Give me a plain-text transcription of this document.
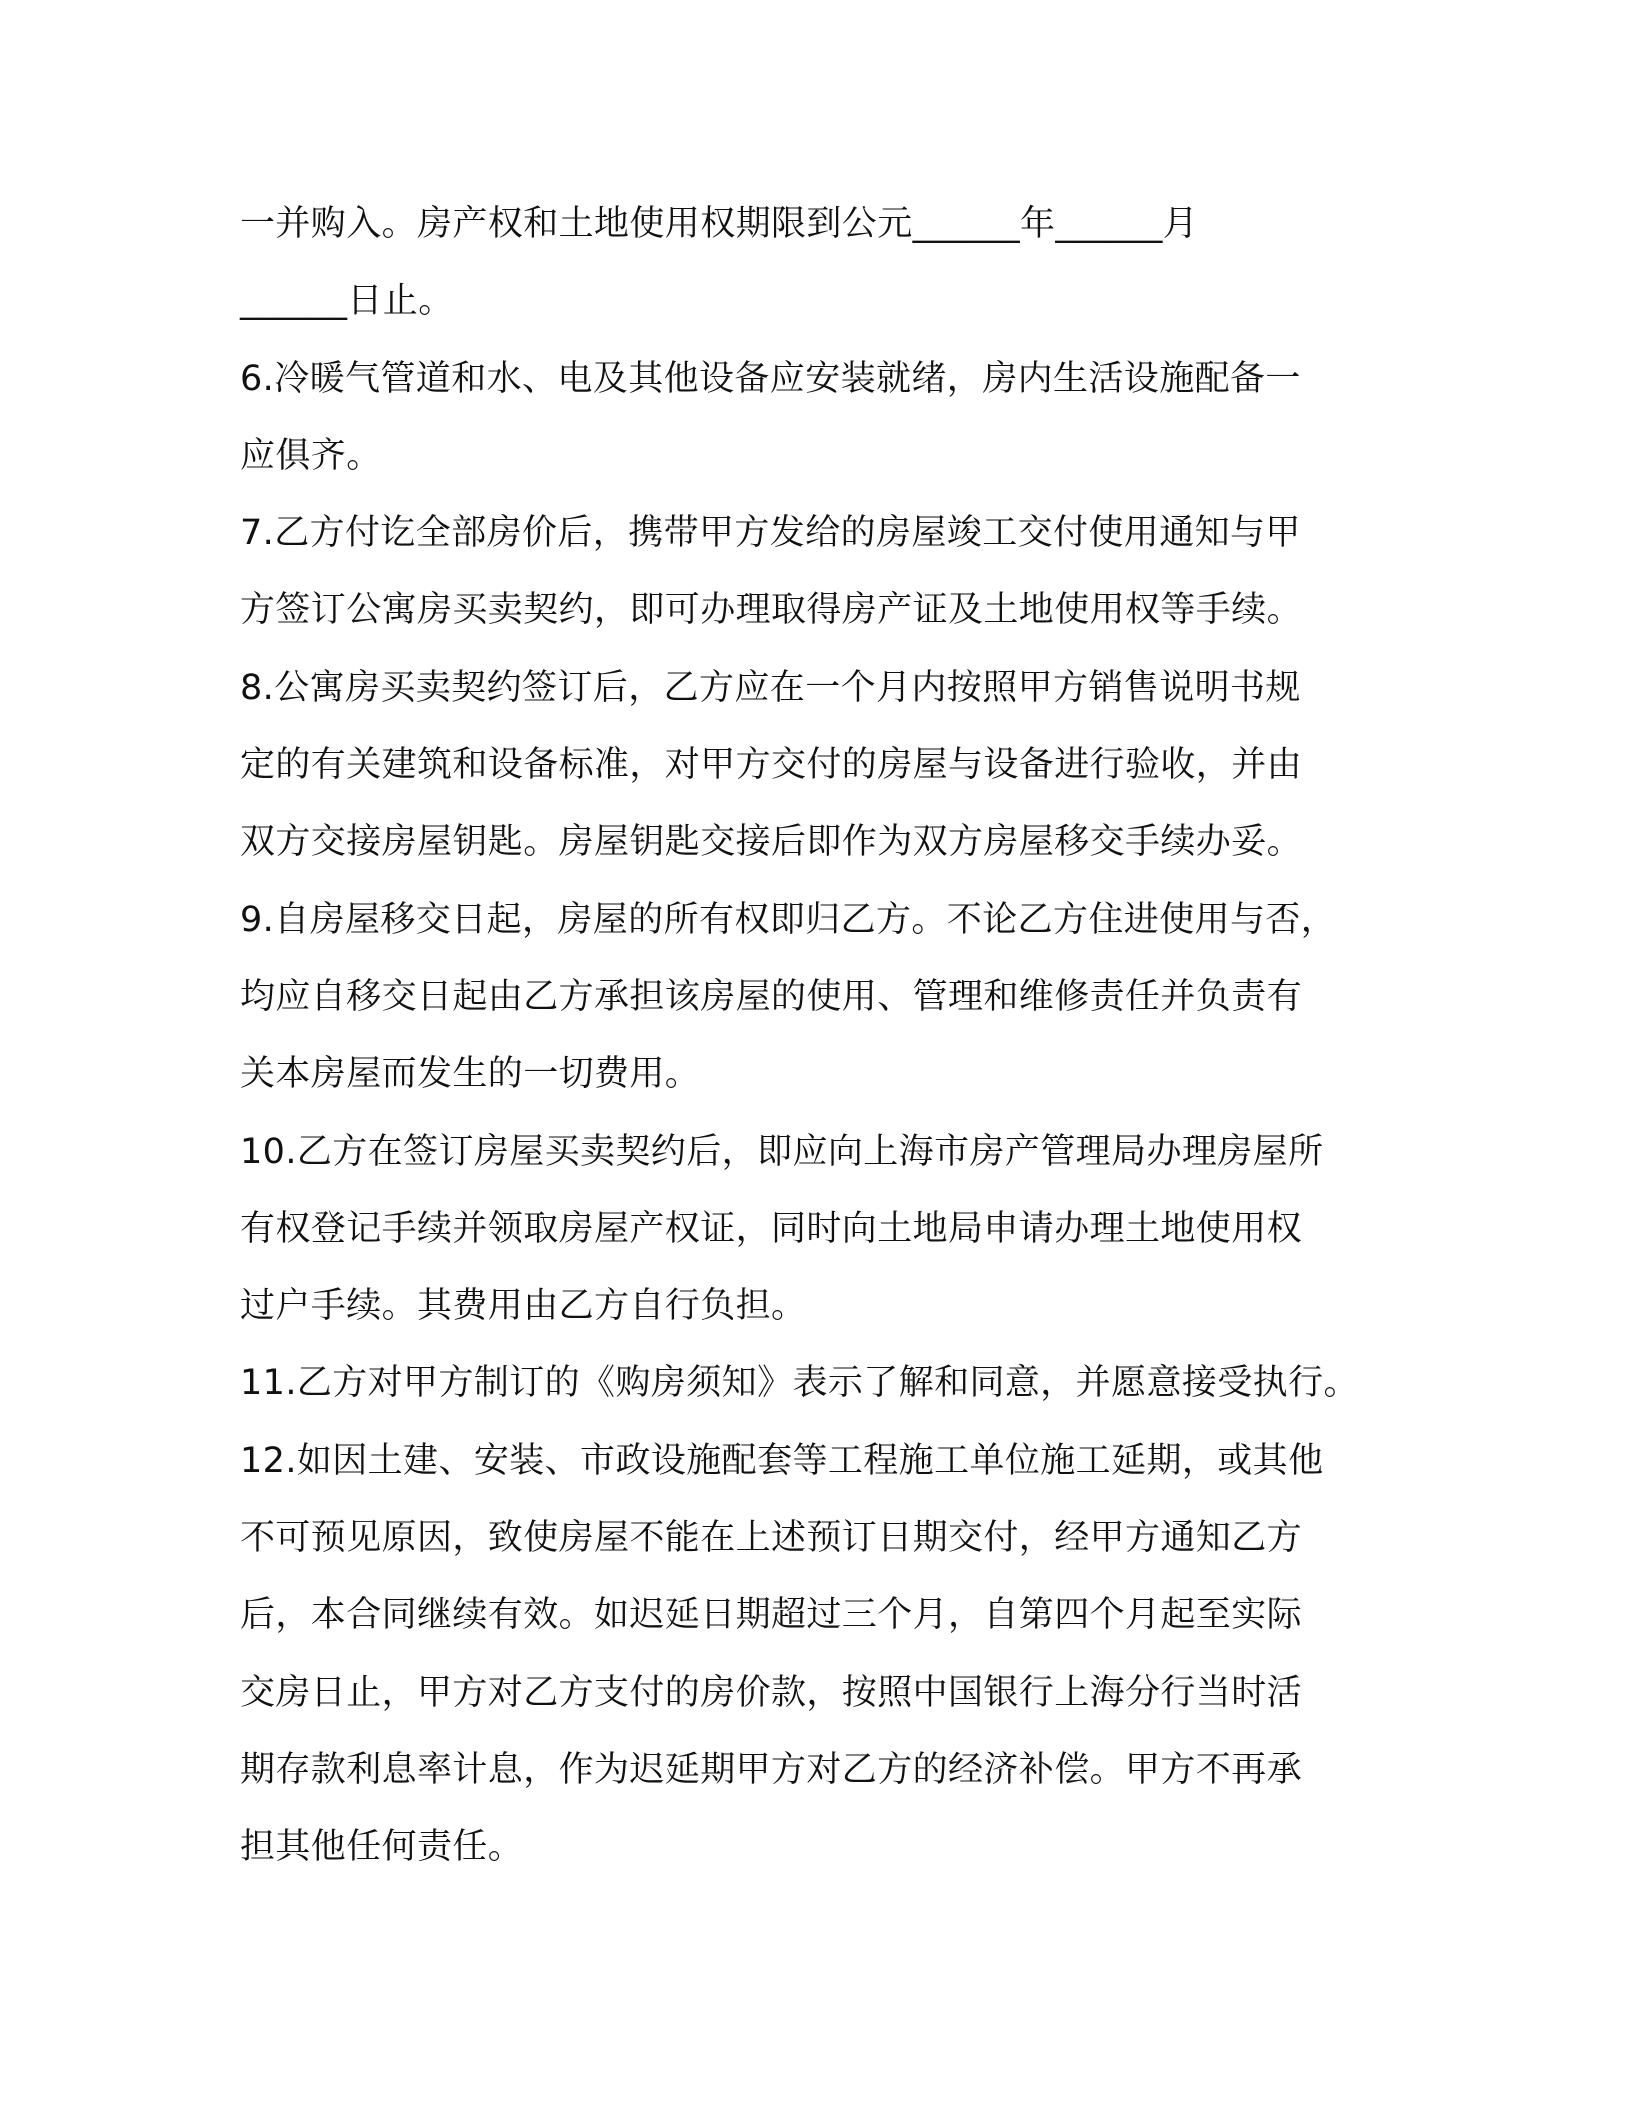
一并购入。房产权和土地使用权期限到公元______年______月
______日止。
6.冷暖气管道和水、电及其他设备应安装就绪，房内生活设施配备一
应俱齐。
7.乙方付讫全部房价后，携带甲方发给的房屋竣工交付使用通知与甲
方签订公寓房买卖契约，即可办理取得房产证及土地使用权等手续。
8.公寓房买卖契约签订后，乙方应在一个月内按照甲方销售说明书规
定的有关建筑和设备标准，对甲方交付的房屋与设备进行验收，并由
双方交接房屋钥匙。房屋钥匙交接后即作为双方房屋移交手续办妥。
9.自房屋移交日起，房屋的所有权即归乙方。不论乙方住进使用与否，
均应自移交日起由乙方承担该房屋的使用、管理和维修责任并负责有
关本房屋而发生的一切费用。
10.乙方在签订房屋买卖契约后，即应向上海市房产管理局办理房屋所
有权登记手续并领取房屋产权证，同时向土地局申请办理土地使用权
过户手续。其费用由乙方自行负担。
11.乙方对甲方制订的《购房须知》表示了解和同意，并愿意接受执行。
12.如因土建、安装、市政设施配套等工程施工单位施工延期，或其他
不可预见原因，致使房屋不能在上述预订日期交付，经甲方通知乙方
后，本合同继续有效。如迟延日期超过三个月，自第四个月起至实际
交房日止，甲方对乙方支付的房价款，按照中国银行上海分行当时活
期存款利息率计息，作为迟延期甲方对乙方的经济补偿。甲方不再承
担其他任何责任。
